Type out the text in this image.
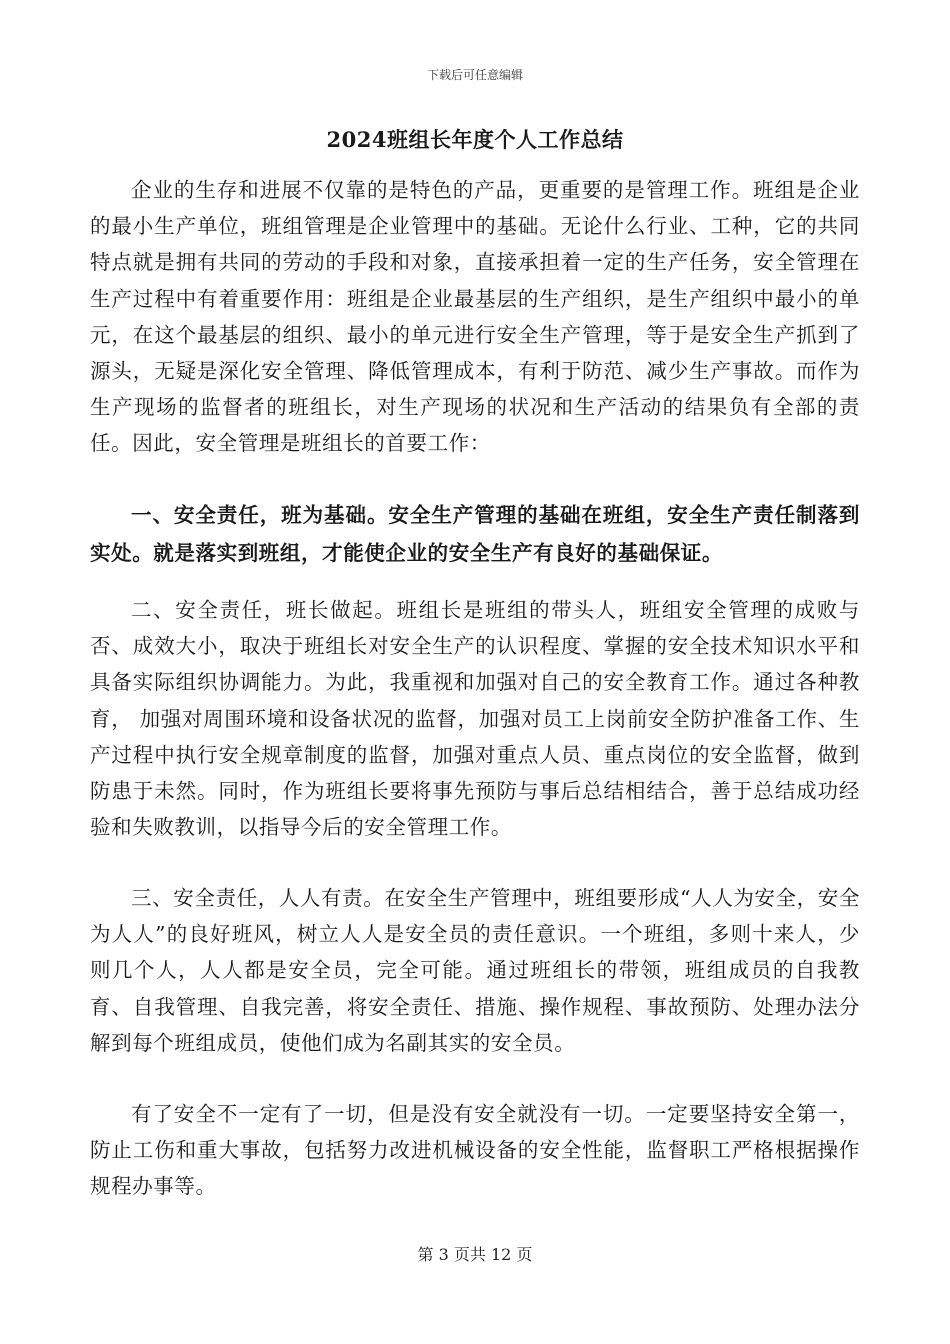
下载后可任意编辑
2024班组长年度个人工作总结

企业的生存和进展不仅靠的是特色的产品，更重要的是管理工作。班组是企业的最小生产单位，班组管理是企业管理中的基础。无论什么行业、工种，它的共同特点就是拥有共同的劳动的手段和对象，直接承担着一定的生产任务，安全管理在生产过程中有着重要作用：班组是企业最基层的生产组织，是生产组织中最小的单元，在这个最基层的组织、最小的单元进行安全生产管理，等于是安全生产抓到了源头，无疑是深化安全管理、降低管理成本，有利于防范、减少生产事故。而作为生产现场的监督者的班组长，对生产现场的状况和生产活动的结果负有全部的责任。因此，安全管理是班组长的首要工作：

一、安全责任，班为基础。安全生产管理的基础在班组，安全生产责任制落到实处。就是落实到班组，才能使企业的安全生产有良好的基础保证。

二、安全责任，班长做起。班组长是班组的带头人，班组安全管理的成败与否、成效大小，取决于班组长对安全生产的认识程度、掌握的安全技术知识水平和具备实际组织协调能力。为此，我重视和加强对自己的安全教育工作。通过各种教育， 加强对周围环境和设备状况的监督，加强对员工上岗前安全防护准备工作、生产过程中执行安全规章制度的监督，加强对重点人员、重点岗位的安全监督，做到防患于未然。同时，作为班组长要将事先预防与事后总结相结合，善于总结成功经验和失败教训，以指导今后的安全管理工作。

三、安全责任，人人有责。在安全生产管理中，班组要形成“人人为安全，安全为人人”的良好班风，树立人人是安全员的责任意识。一个班组，多则十来人，少则几个人，人人都是安全员，完全可能。通过班组长的带领，班组成员的自我教育、自我管理、自我完善，将安全责任、措施、操作规程、事故预防、处理办法分解到每个班组成员，使他们成为名副其实的安全员。

有了安全不一定有了一切，但是没有安全就没有一切。一定要坚持安全第一，防止工伤和重大事故，包括努力改进机械设备的安全性能，监督职工严格根据操作规程办事等。

第 3 页共 12 页
